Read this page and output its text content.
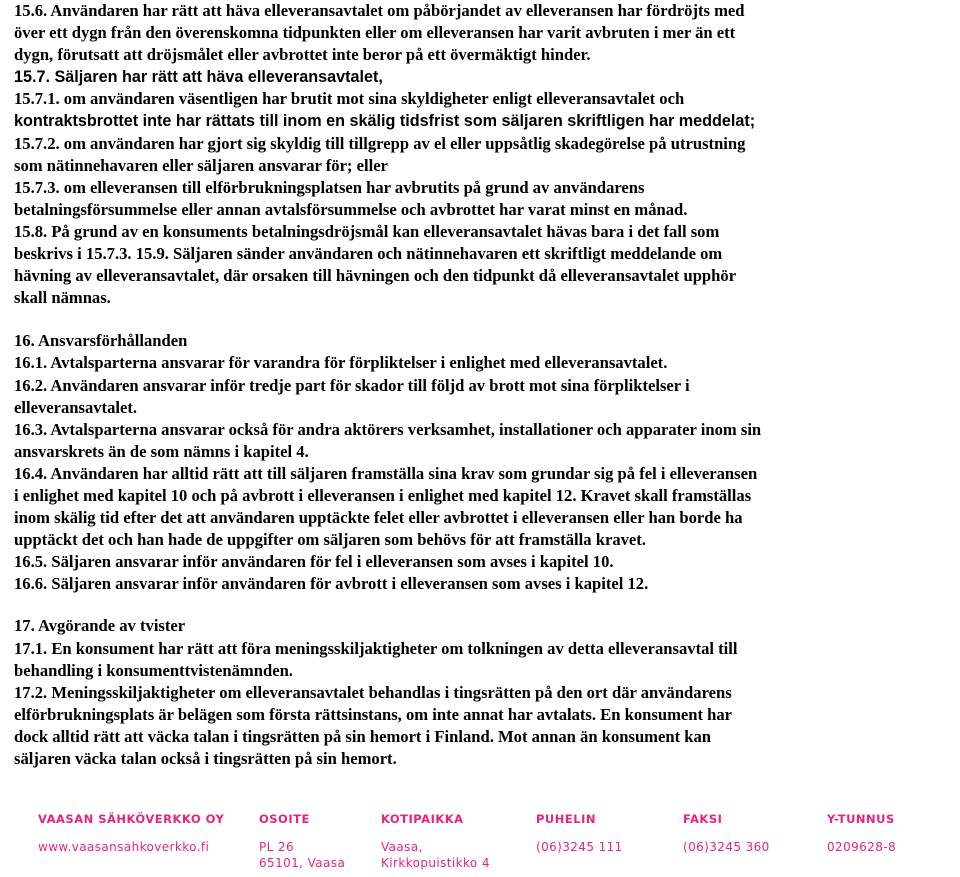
15.6. Användaren har rätt att häva elleveransavtalet om påbörjandet av elleveransen har fördröjts med

över ett dygn från den överenskomna tidpunkten eller om elleveransen har varit avbruten i mer än ett

dygn, förutsatt att dröjsmålet eller avbrottet inte beror på ett övermäktigt hinder.

15.7. Säljaren har rätt att häva elleveransavtalet,

15.7.1. om användaren väsentligen har brutit mot sina skyldigheter enligt elleveransavtalet och

kontraktsbrottet inte har rättats till inom en skälig tidsfrist som säljaren skriftligen har meddelat;

15.7.2. om användaren har gjort sig skyldig till tillgrepp av el eller uppsåtlig skadegörelse på utrustning

som nätinnehavaren eller säljaren ansvarar för; eller

15.7.3. om elleveransen till elförbrukningsplatsen har avbrutits på grund av användarens

betalningsförsummelse eller annan avtalsförsummelse och avbrottet har varat minst en månad.

15.8. På grund av en konsuments betalningsdröjsmål kan elleveransavtalet hävas bara i det fall som

beskrivs i 15.7.3. 15.9. Säljaren sänder användaren och nätinnehavaren ett skriftligt meddelande om

hävning av elleveransavtalet, där orsaken till hävningen och den tidpunkt då elleveransavtalet upphör

skall nämnas.

16. Ansvarsförhållanden

16.1. Avtalsparterna ansvarar för varandra för förpliktelser i enlighet med elleveransavtalet.

16.2. Användaren ansvarar inför tredje part för skador till följd av brott mot sina förpliktelser i

elleveransavtalet.

16.3. Avtalsparterna ansvarar också för andra aktörers verksamhet, installationer och apparater inom sin

ansvarskrets än de som nämns i kapitel 4.

16.4. Användaren har alltid rätt att till säljaren framställa sina krav som grundar sig på fel i elleveransen

i enlighet med kapitel 10 och på avbrott i elleveransen i enlighet med kapitel 12. Kravet skall framställas

inom skälig tid efter det att användaren upptäckte felet eller avbrottet i elleveransen eller han borde ha

upptäckt det och han hade de uppgifter om säljaren som behövs för att framställa kravet.

16.5. Säljaren ansvarar inför användaren för fel i elleveransen som avses i kapitel 10.

16.6. Säljaren ansvarar inför användaren för avbrott i elleveransen som avses i kapitel 12.

17. Avgörande av tvister

17.1. En konsument har rätt att föra meningsskiljaktigheter om tolkningen av detta elleveransavtal till

behandling i konsumenttvistenämnden.

17.2. Meningsskiljaktigheter om elleveransavtalet behandlas i tingsrätten på den ort där användarens

elförbrukningsplats är belägen som första rättsinstans, om inte annat har avtalats. En konsument har

dock alltid rätt att väcka talan i tingsrätten på sin hemort i Finland. Mot annan än konsument kan

säljaren väcka talan också i tingsrätten på sin hemort.

VAASAN SÄHKÖVERKKO OY
www.vaasansahkoverkko.fi
OSOITE
PL 26
65101, Vaasa
KOTIPAIKKA
Vaasa,
Kirkkopuistikko 4
PUHELIN
(06)3245 111
FAKSI
(06)3245 360
Y-TUNNUS
0209628-8
